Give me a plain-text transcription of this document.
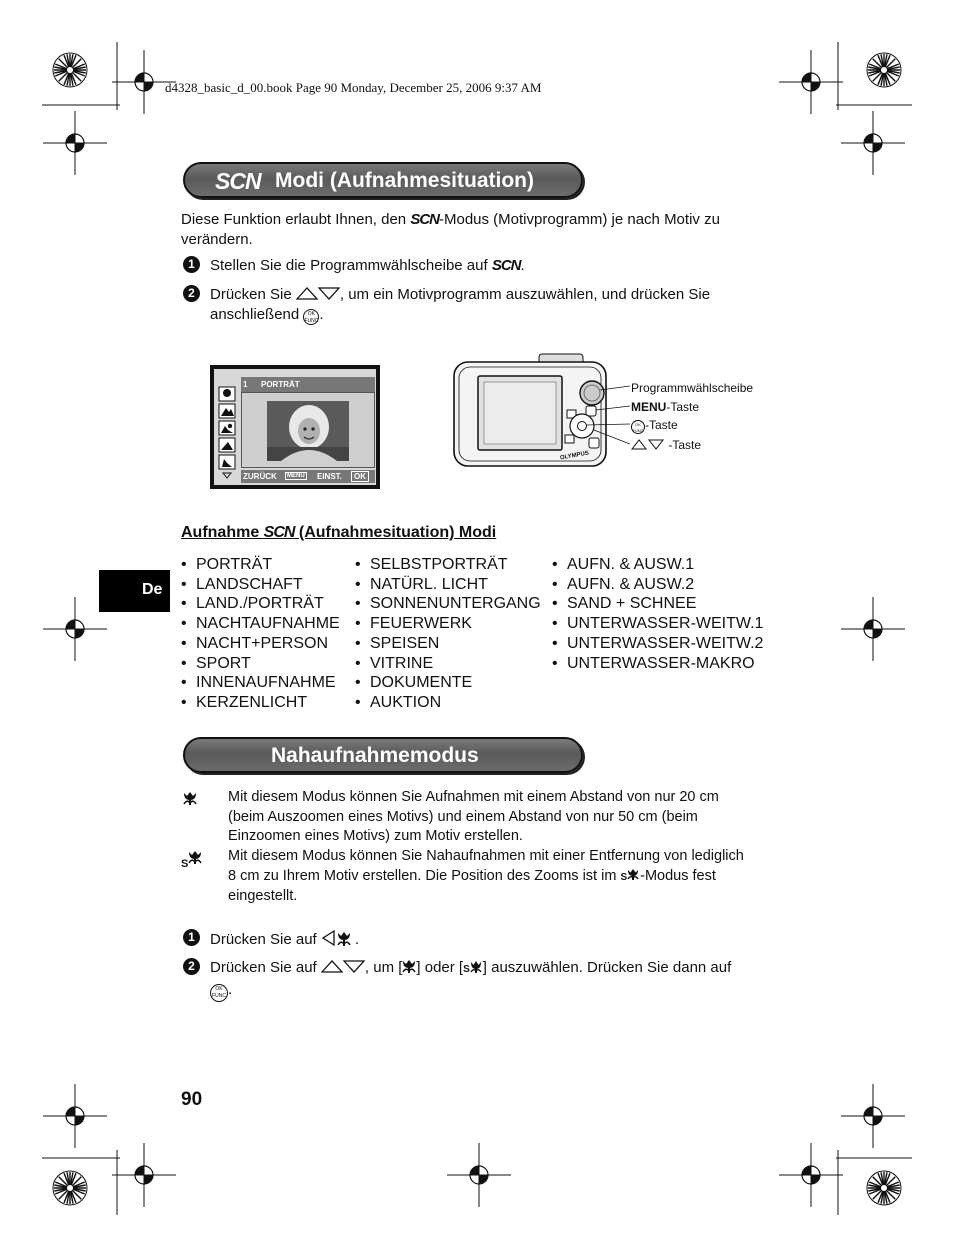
d4328_basic_d_00.book Page 90 Monday, December 25, 2006 9:37 AM
SCN Modi (Aufnahmesituation)
Diese Funktion erlaubt Ihnen, den SCN-Modus (Motivprogramm) je nach Motiv zu
verändern.
1	Stellen Sie die Programmwählscheibe auf SCN.
2	Drücken Sie	, um ein Motivprogramm auszuwählen, und drücken Sie
anschließend OK
FUNC.
1 PORTRÄT
ZURÜCK	MENU EINST.	OK
OLYMPUS
Programmwählscheibe
MENU-Taste
OK
FUNC-Taste
-Taste
De
Aufnahme SCN (Aufnahmesituation) Modi
• PORTRÄT
• LANDSCHAFT
• LAND./PORTRÄT
• NACHTAUFNAHME
• NACHT+PERSON
• SPORT
• INNENAUFNAHME
• KERZENLICHT
• SELBSTPORTRÄT
• NATÜRL. LICHT
• SONNENUNTERGANG
• FEUERWERK
• SPEISEN
• VITRINE
• DOKUMENTE
• AUKTION
• AUFN. & AUSW.1
• AUFN. & AUSW.2
• SAND + SCHNEE
• UNTERWASSER-WEITW.1
• UNTERWASSER-WEITW.2
• UNTERWASSER-MAKRO
Nahaufnahmemodus
Mit diesem Modus können Sie Aufnahmen mit einem Abstand von nur 20 cm
(beim Auszoomen eines Motivs) und einem Abstand von nur 50 cm (beim
Einzoomen eines Motivs) zum Motiv erstellen.
S	Mit diesem Modus können Sie Nahaufnahmen mit einer Entfernung von lediglich
8 cm zu Ihrem Motiv erstellen. Die Position des Zooms ist im S -Modus fest
eingestellt.
1	Drücken Sie auf .
2	Drücken Sie auf	, um [ ] oder [S ] auszuwählen. Drücken Sie dann auf
OK
FUNC .
90
